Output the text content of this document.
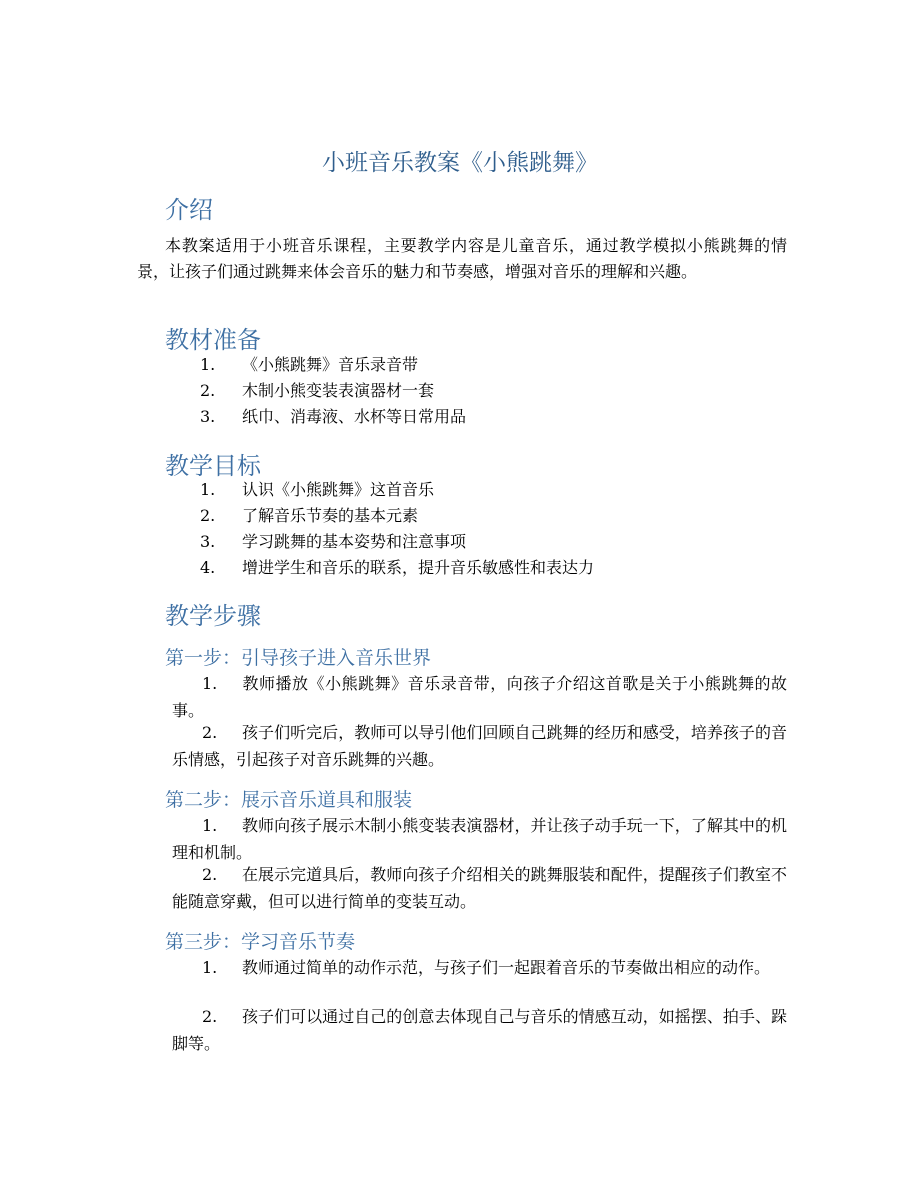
小班音乐教案《小熊跳舞》
介绍

本教案适用于小班音乐课程，主要教学内容是儿童音乐，通过教学模拟小熊跳舞的情景，让孩子们通过跳舞来体会音乐的魅力和节奏感，增强对音乐的理解和兴趣。

教材准备
1. 《小熊跳舞》音乐录音带
2. 木制小熊变装表演器材一套
3. 纸巾、消毒液、水杯等日常用品
教学目标
1. 认识《小熊跳舞》这首音乐
2. 了解音乐节奏的基本元素
3. 学习跳舞的基本姿势和注意事项
4. 增进学生和音乐的联系，提升音乐敏感性和表达力
教学步骤
第一步：引导孩子进入音乐世界

1. 教师播放《小熊跳舞》音乐录音带，向孩子介绍这首歌是关于小熊跳舞的故事。

2. 孩子们听完后，教师可以导引他们回顾自己跳舞的经历和感受，培养孩子的音乐情感，引起孩子对音乐跳舞的兴趣。

第二步：展示音乐道具和服装

1. 教师向孩子展示木制小熊变装表演器材，并让孩子动手玩一下，了解其中的机理和机制。

2. 在展示完道具后，教师向孩子介绍相关的跳舞服装和配件，提醒孩子们教室不能随意穿戴，但可以进行简单的变装互动。

第三步：学习音乐节奏

1. 教师通过简单的动作示范，与孩子们一起跟着音乐的节奏做出相应的动作。

2. 孩子们可以通过自己的创意去体现自己与音乐的情感互动，如摇摆、拍手、跺脚等。
